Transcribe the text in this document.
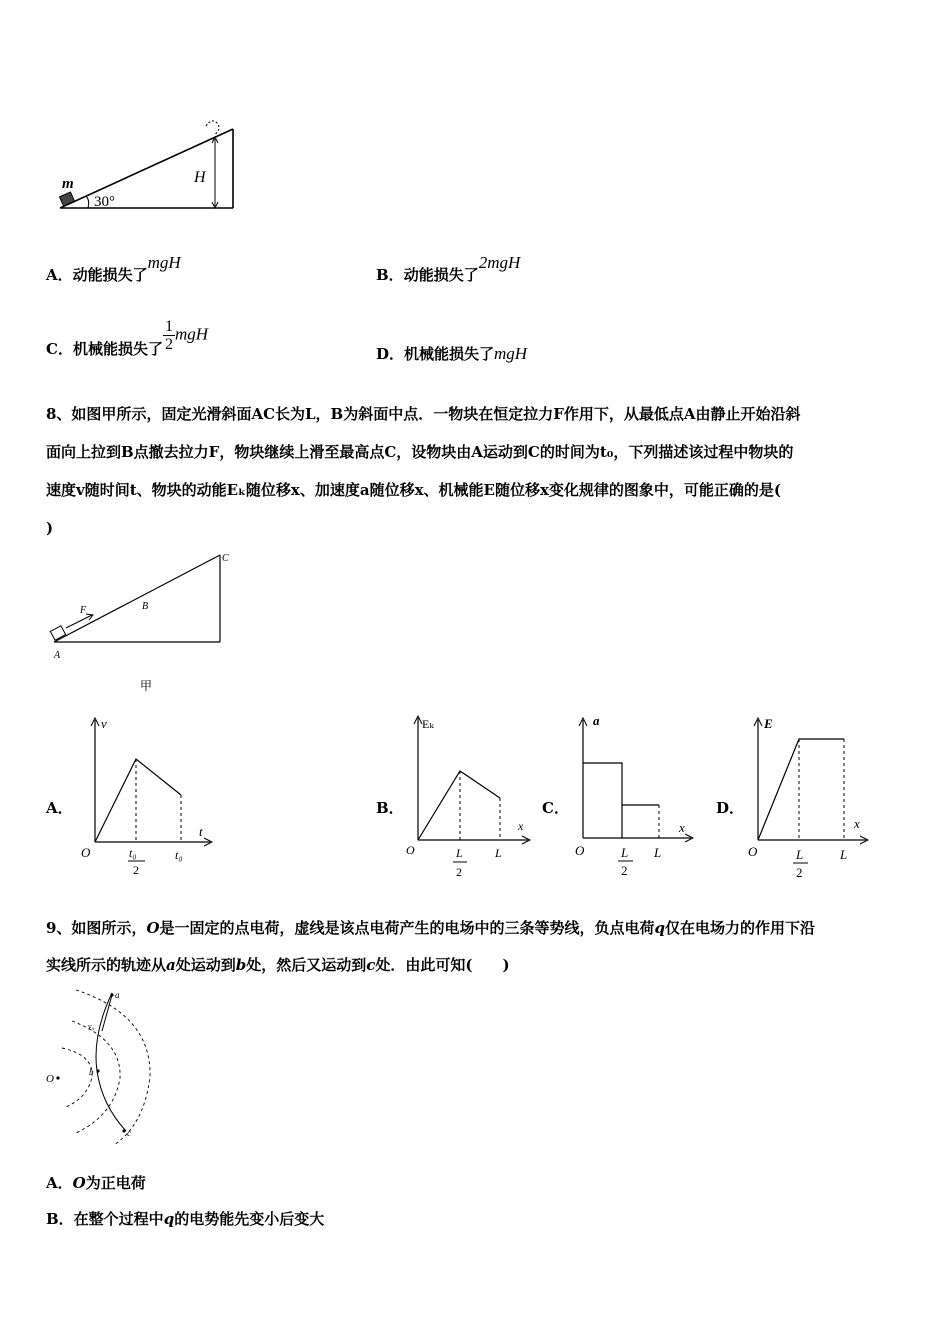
m
30°
H
A．动能损失了mgH
B．动能损失了2mgH
C．机械能损失了 $\frac{1}{2}$ mgH
D．机械能损失了mgH
8、如图甲所示，固定光滑斜面AC长为L，B为斜面中点．一物块在恒定拉力F作用下，从最低点A由静止开始沿斜
面向上拉到B点撤去拉力F，物块继续上滑至最高点C，设物块由A运动到C的时间为t₀，下列描述该过程中物块的
速度v随时间t、物块的动能Eₖ随位移x、加速度a随位移x、机械能E随位移x变化规律的图象中，可能正确的是(
)
A
B
C
F
甲
A．	B．	C．	D．
v
t
O	t₀
2
t₀
Eₖ
x
O	L
2
L
a
x
O	L
2
L
E
x
O	L
2
L
9、如图所示，O是一固定的点电荷，虚线是该点电荷产生的电场中的三条等势线，负点电荷q仅在电场力的作用下沿
实线所示的轨迹从a处运动到b处，然后又运动到c处．由此可知(　　 )
O
a
v₀
b
c
A．O为正电荷
B．在整个过程中q的电势能先变小后变大
